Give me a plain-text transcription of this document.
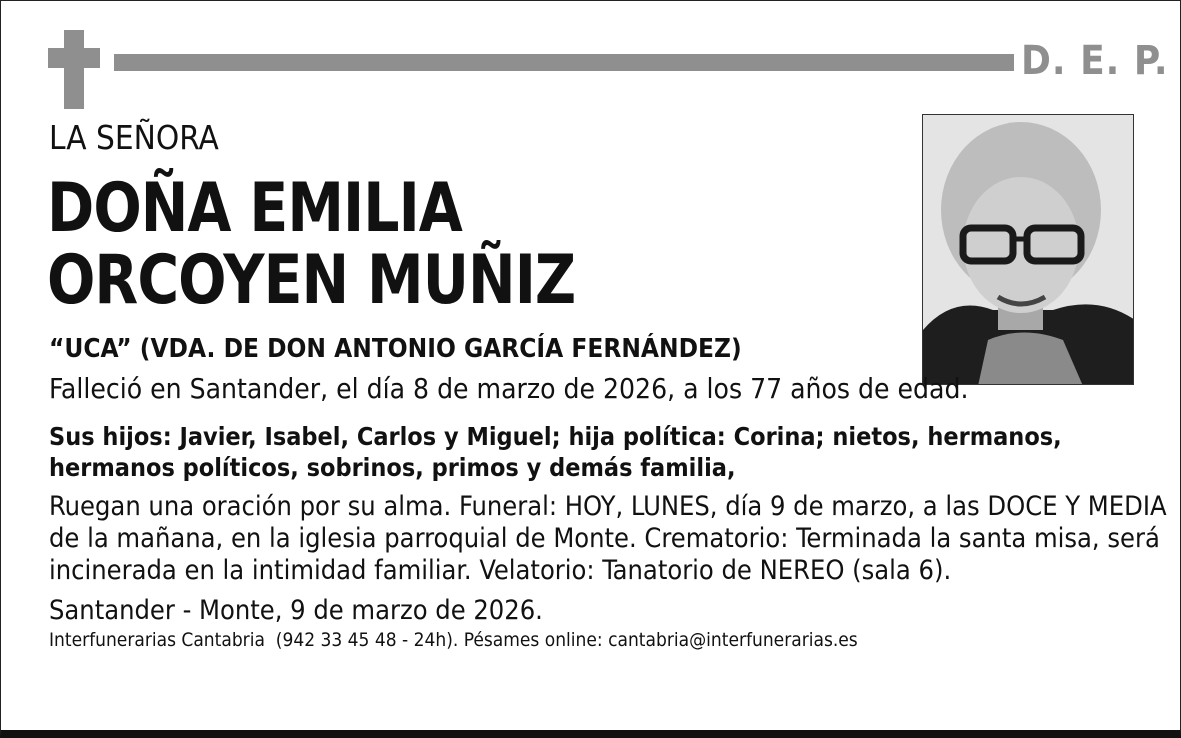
D. E. P.
LA SEÑORA
DOÑA EMILIA
ORCOYEN MUÑIZ
“UCA” (VDA. DE DON ANTONIO GARCÍA FERNÁNDEZ)
Falleció en Santander, el día 8 de marzo de 2026, a los 77 años de edad.
Sus hijos: Javier, Isabel, Carlos y Miguel; hija política: Corina; nietos, hermanos,
hermanos políticos, sobrinos, primos y demás familia,
Ruegan una oración por su alma. Funeral: HOY, LUNES, día 9 de marzo, a las DOCE Y MEDIA
de la mañana, en la iglesia parroquial de Monte. Crematorio: Terminada la santa misa, será
incinerada en la intimidad familiar. Velatorio: Tanatorio de NEREO (sala 6).
Santander - Monte, 9 de marzo de 2026.
Interfunerarias Cantabria  (942 33 45 48 - 24h). Pésames online: cantabria@interfunerarias.es
